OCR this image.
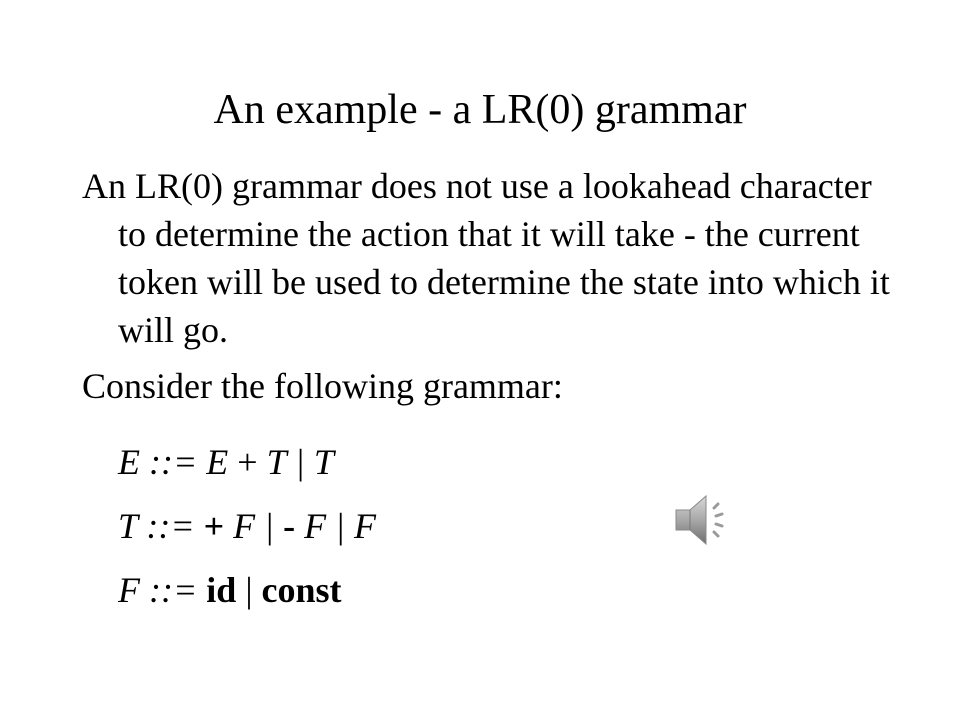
An example - a LR(0) grammar

An LR(0) grammar does not use a lookahead character to determine the action that it will take - the current token will be used to determine the state into which it will go.

Consider the following grammar:

E ::= E + T | T
T ::= + F | - F | F
F ::= id | const
